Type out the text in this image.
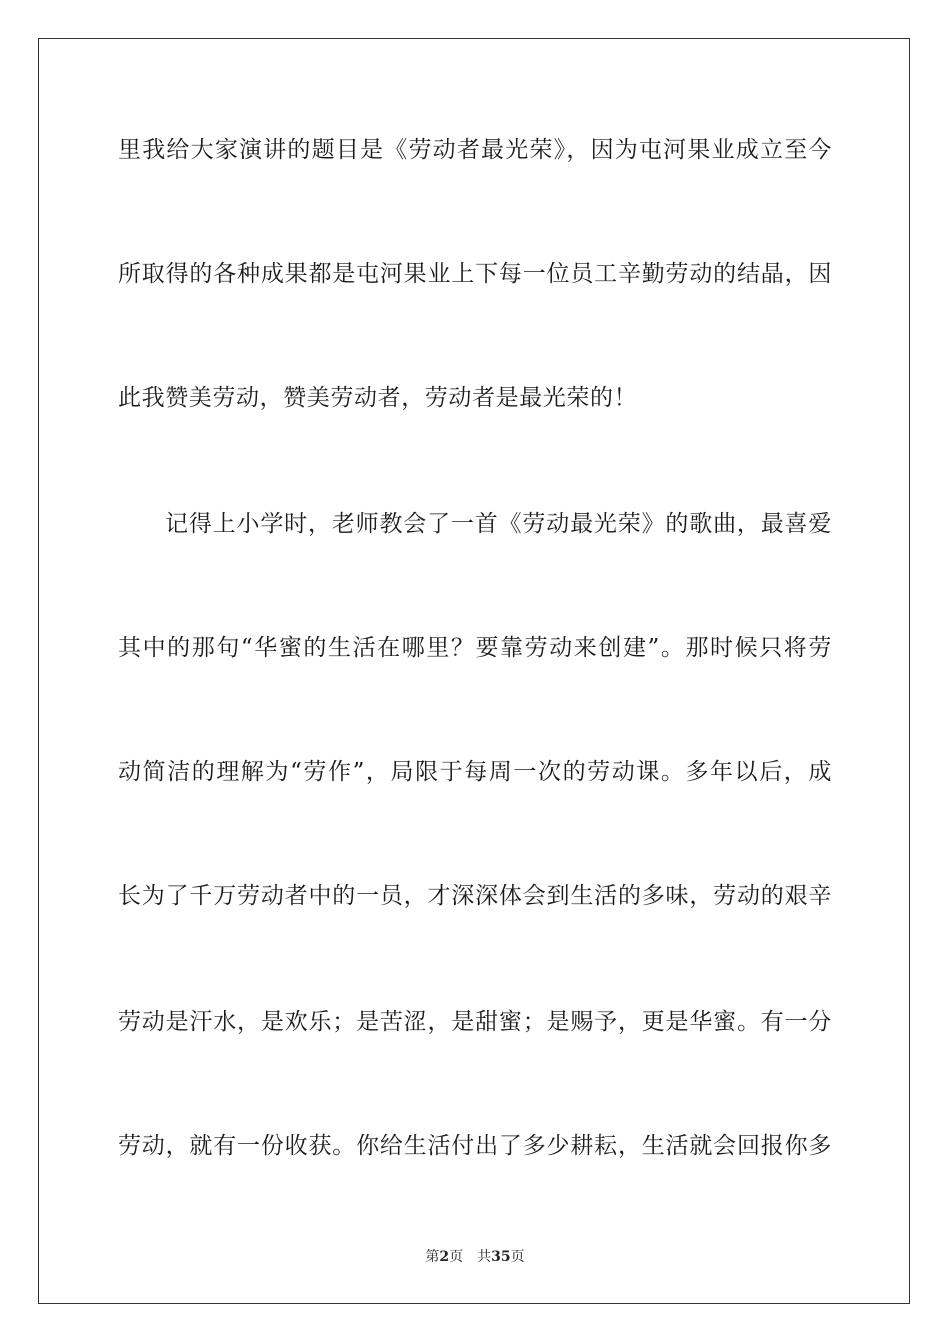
里我给大家演讲的题目是《劳动者最光荣》，因为屯河果业成立至今
所取得的各种成果都是屯河果业上下每一位员工辛勤劳动的结晶，因
此我赞美劳动，赞美劳动者，劳动者是最光荣的！
记得上小学时，老师教会了一首《劳动最光荣》的歌曲，最喜爱
其中的那句“华蜜的生活在哪里？要靠劳动来创建”。那时候只将劳
动简洁的理解为“劳作”，局限于每周一次的劳动课。多年以后，成
长为了千万劳动者中的一员，才深深体会到生活的多味，劳动的艰辛
劳动是汗水，是欢乐；是苦涩，是甜蜜；是赐予，更是华蜜。有一分
劳动，就有一份收获。你给生活付出了多少耕耘，生活就会回报你多
第2页 共35页
